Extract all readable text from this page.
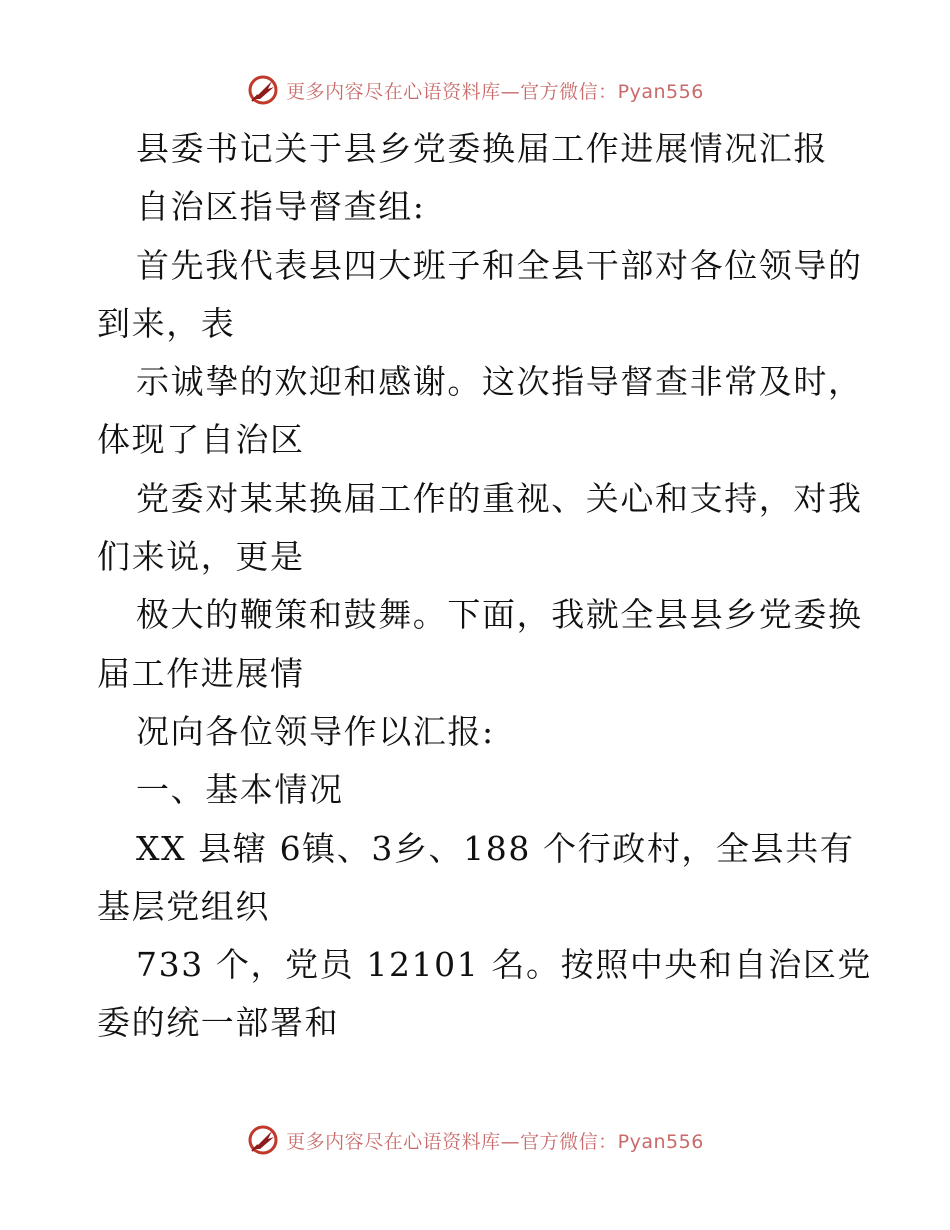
更多内容尽在心语资料库—官方微信：Pyan556
县委书记关于县乡党委换届工作进展情况汇报
自治区指导督查组:
首先我代表县四大班子和全县干部对各位领导的
到来，表
示诚挚的欢迎和感谢。这次指导督查非常及时，
体现了自治区
党委对某某换届工作的重视、关心和支持，对我
们来说，更是
极大的鞭策和鼓舞。下面，我就全县县乡党委换
届工作进展情
况向各位领导作以汇报:
一、基本情况
XX 县辖 6镇、3乡、188 个行政村，全县共有
基层党组织
733 个，党员 12101 名。按照中央和自治区党
委的统一部署和
更多内容尽在心语资料库—官方微信：Pyan556
